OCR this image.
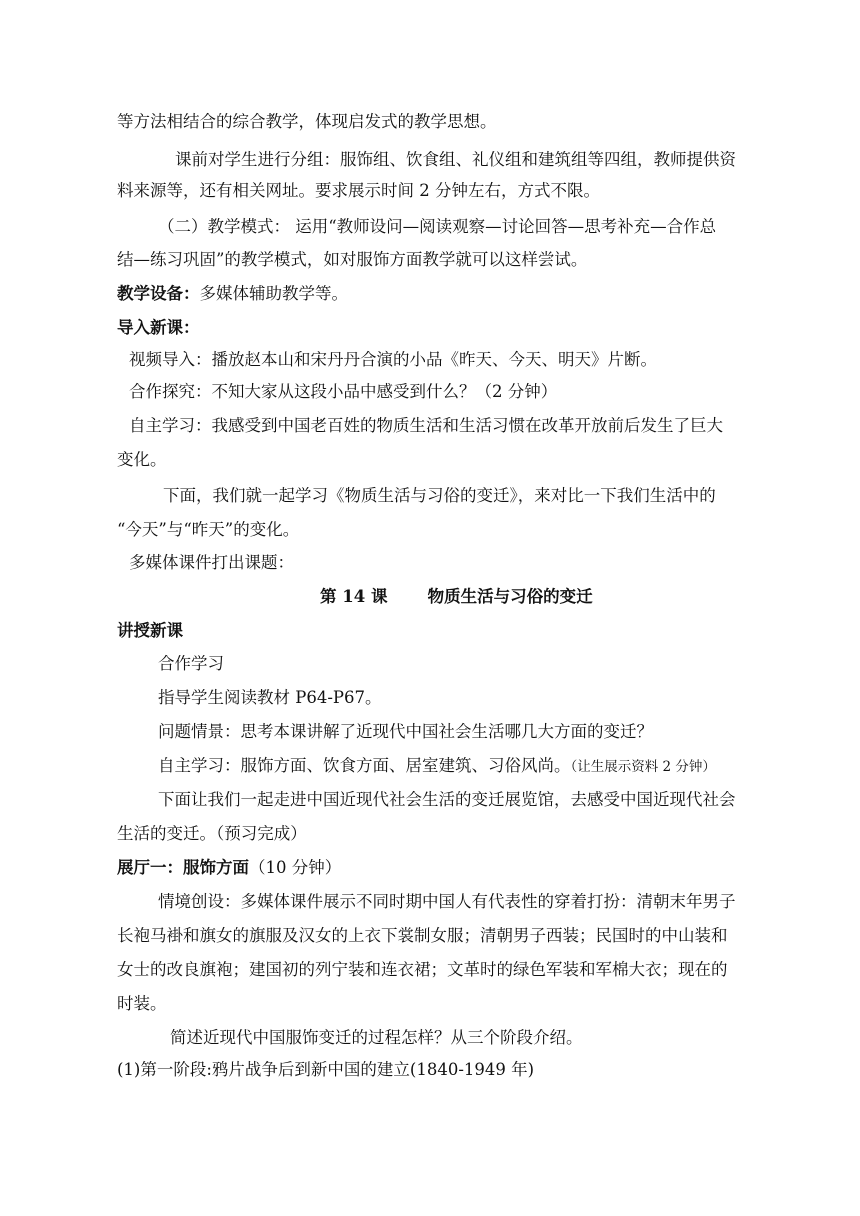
等方法相结合的综合教学，体现启发式的教学思想。
课前对学生进行分组：服饰组、饮食组、礼仪组和建筑组等四组，教师提供资
料来源等，还有相关网址。要求展示时间 2 分钟左右，方式不限。
（二）教学模式： 运用“教师设问—阅读观察—讨论回答—思考补充—合作总
结—练习巩固”的教学模式，如对服饰方面教学就可以这样尝试。
教学设备：多媒体辅助教学等。
导入新课：
视频导入：播放赵本山和宋丹丹合演的小品《昨天、今天、明天》片断。
合作探究：不知大家从这段小品中感受到什么？（2 分钟）
自主学习：我感受到中国老百姓的物质生活和生活习惯在改革开放前后发生了巨大
变化。
下面，我们就一起学习《物质生活与习俗的变迁》，来对比一下我们生活中的
“今天”与“昨天”的变化。
多媒体课件打出课题：
第 14 课       物质生活与习俗的变迁
讲授新课
合作学习
指导学生阅读教材 P64-P67。
问题情景：思考本课讲解了近现代中国社会生活哪几大方面的变迁？
自主学习：服饰方面、饮食方面、居室建筑、习俗风尚。（让生展示资料 2 分钟）
下面让我们一起走进中国近现代社会生活的变迁展览馆，去感受中国近现代社会
生活的变迁。（预习完成）
展厅一：服饰方面（10 分钟）
情境创设：多媒体课件展示不同时期中国人有代表性的穿着打扮：清朝末年男子
长袍马褂和旗女的旗服及汉女的上衣下裳制女服；清朝男子西装；民国时的中山装和
女士的改良旗袍；建国初的列宁装和连衣裙；文革时的绿色军装和军棉大衣；现在的
时装。
简述近现代中国服饰变迁的过程怎样？从三个阶段介绍。
(1)第一阶段:鸦片战争后到新中国的建立(1840-1949 年)
